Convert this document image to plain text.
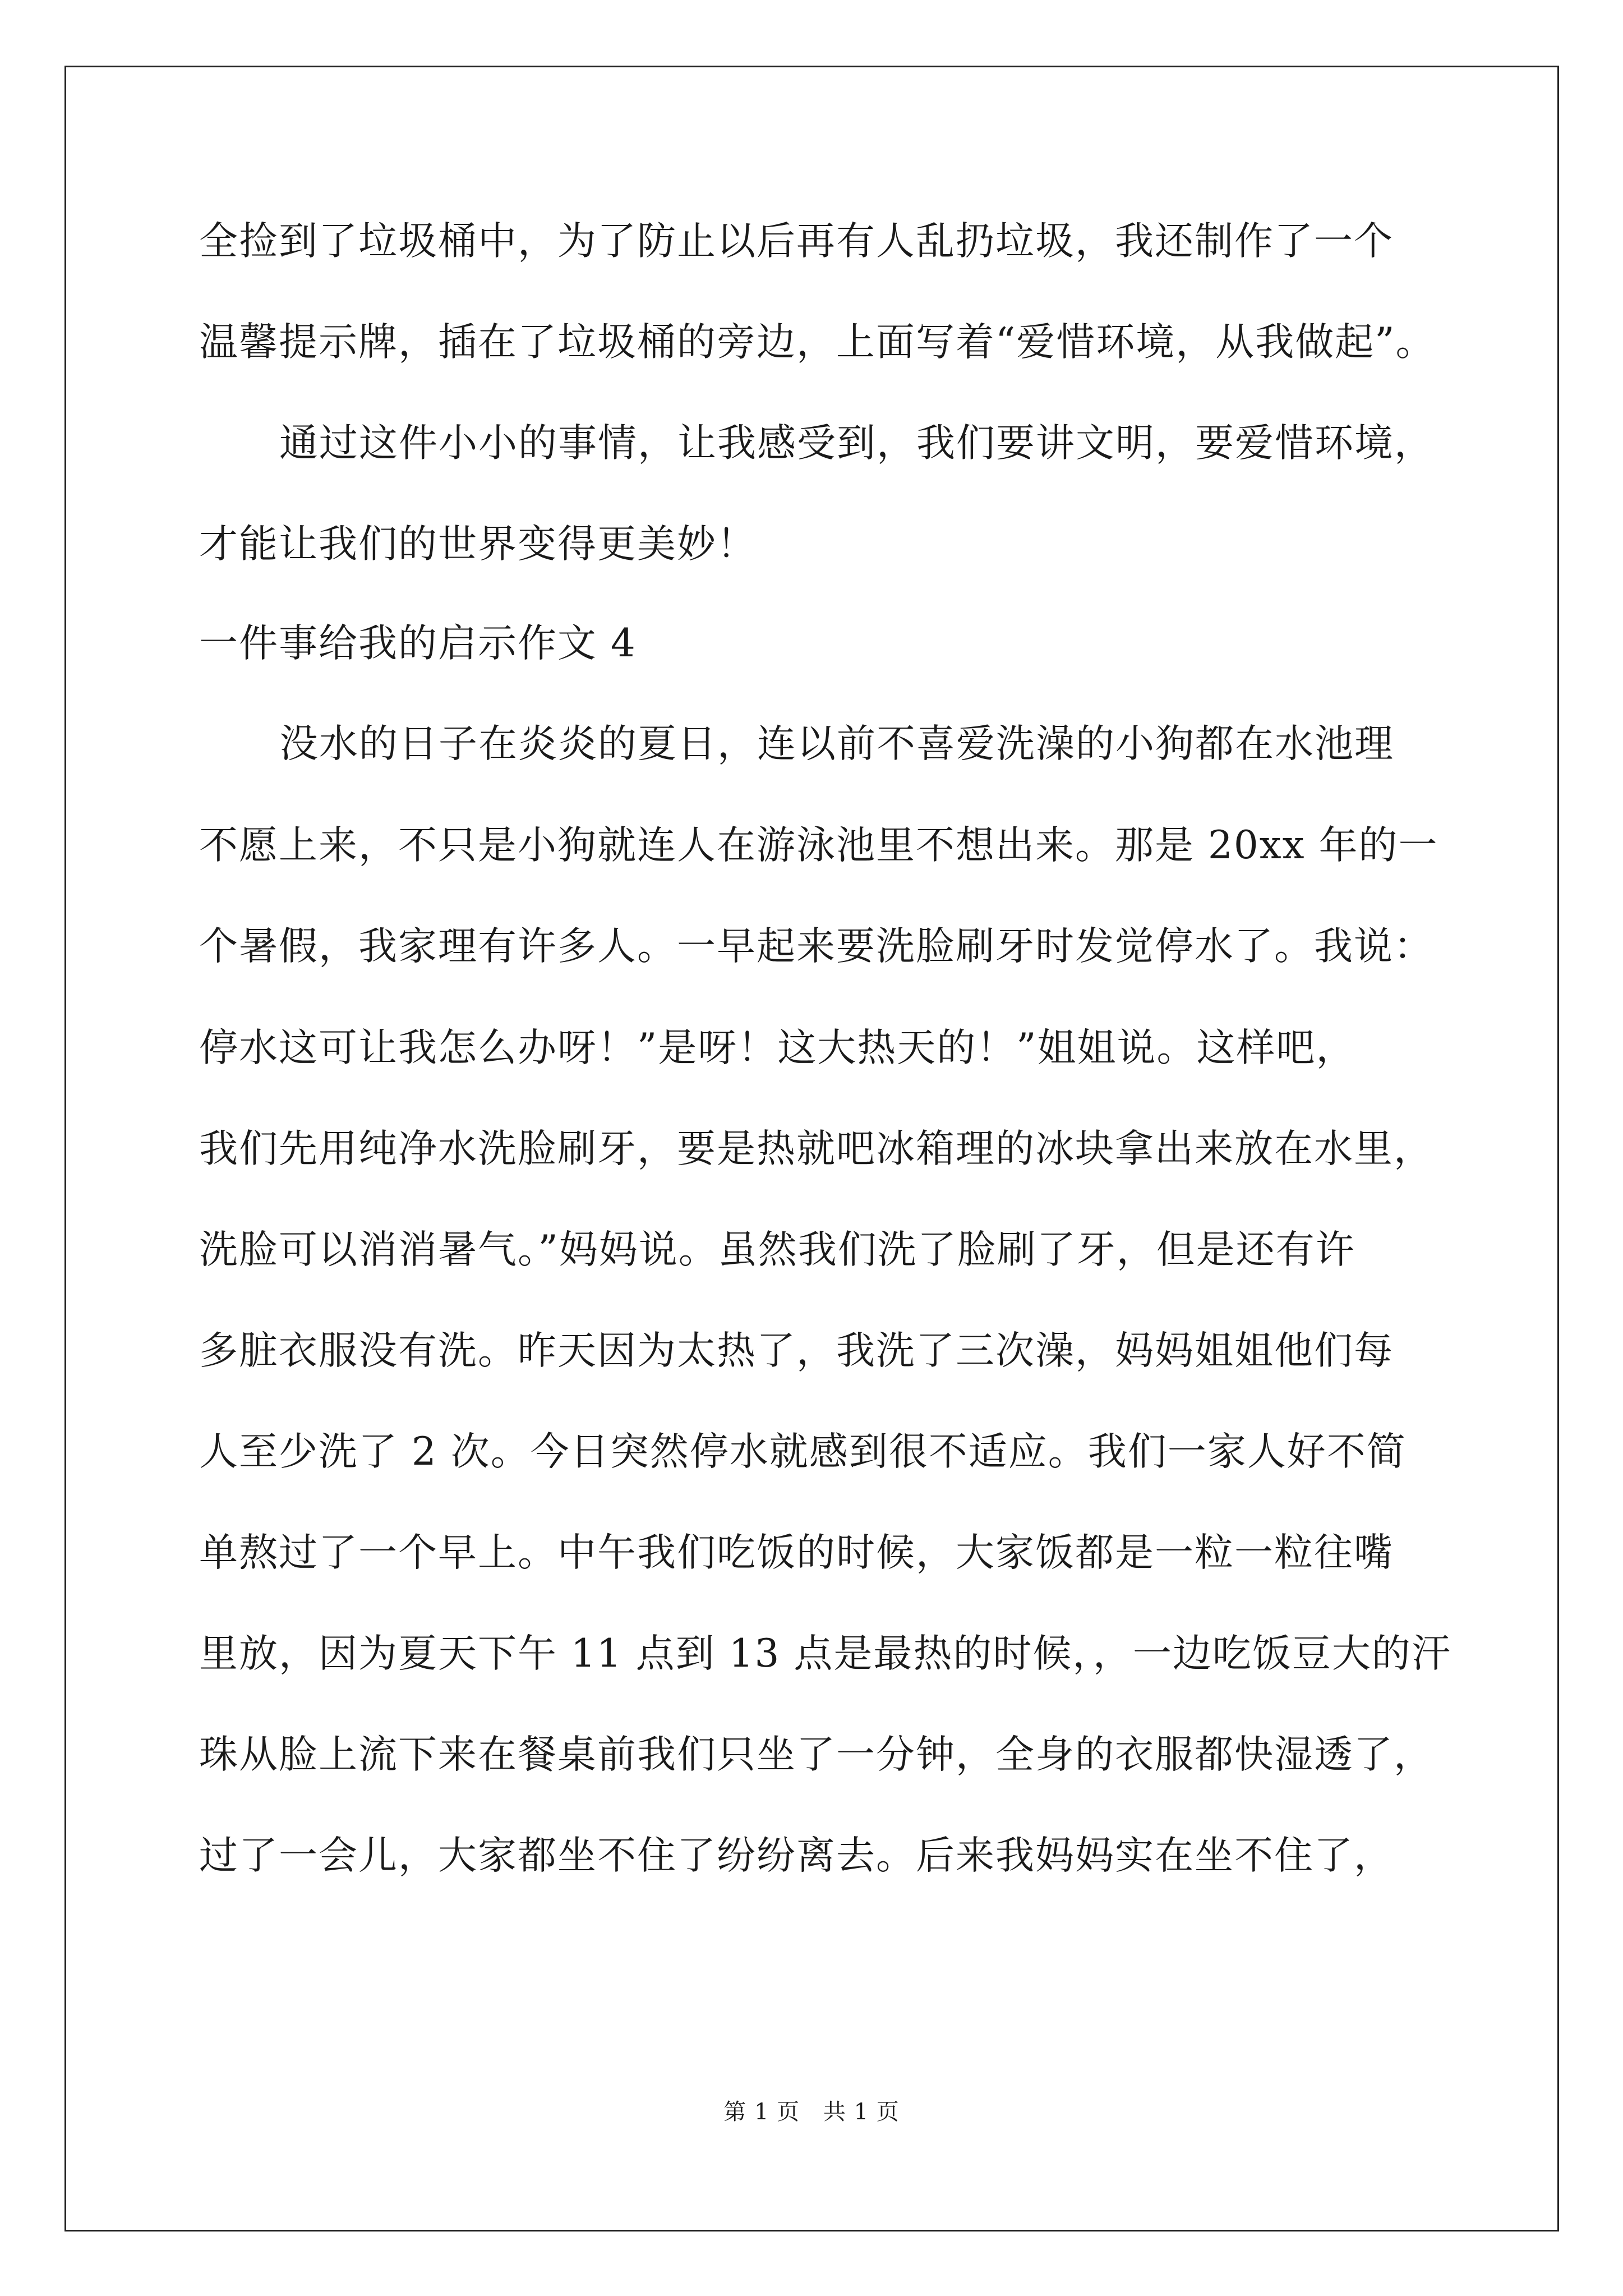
全捡到了垃圾桶中，为了防止以后再有人乱扔垃圾，我还制作了一个
温馨提示牌，插在了垃圾桶的旁边，上面写着“爱惜环境，从我做起”。
通过这件小小的事情，让我感受到，我们要讲文明，要爱惜环境，
才能让我们的世界变得更美妙！
一件事给我的启示作文 4
没水的日子在炎炎的夏日，连以前不喜爱洗澡的小狗都在水池理
不愿上来，不只是小狗就连人在游泳池里不想出来。那是 20xx 年的一
个暑假，我家理有许多人。一早起来要洗脸刷牙时发觉停水了。我说：
停水这可让我怎么办呀！”是呀！这大热天的！”姐姐说。这样吧，
我们先用纯净水洗脸刷牙，要是热就吧冰箱理的冰块拿出来放在水里，
洗脸可以消消暑气。”妈妈说。虽然我们洗了脸刷了牙，但是还有许
多脏衣服没有洗。昨天因为太热了，我洗了三次澡，妈妈姐姐他们每
人至少洗了 2 次。今日突然停水就感到很不适应。我们一家人好不简
单熬过了一个早上。中午我们吃饭的时候，大家饭都是一粒一粒往嘴
里放，因为夏天下午 11 点到 13 点是最热的时候，，一边吃饭豆大的汗
珠从脸上流下来在餐桌前我们只坐了一分钟，全身的衣服都快湿透了，
过了一会儿，大家都坐不住了纷纷离去。后来我妈妈实在坐不住了，
第 1 页 共 1 页
